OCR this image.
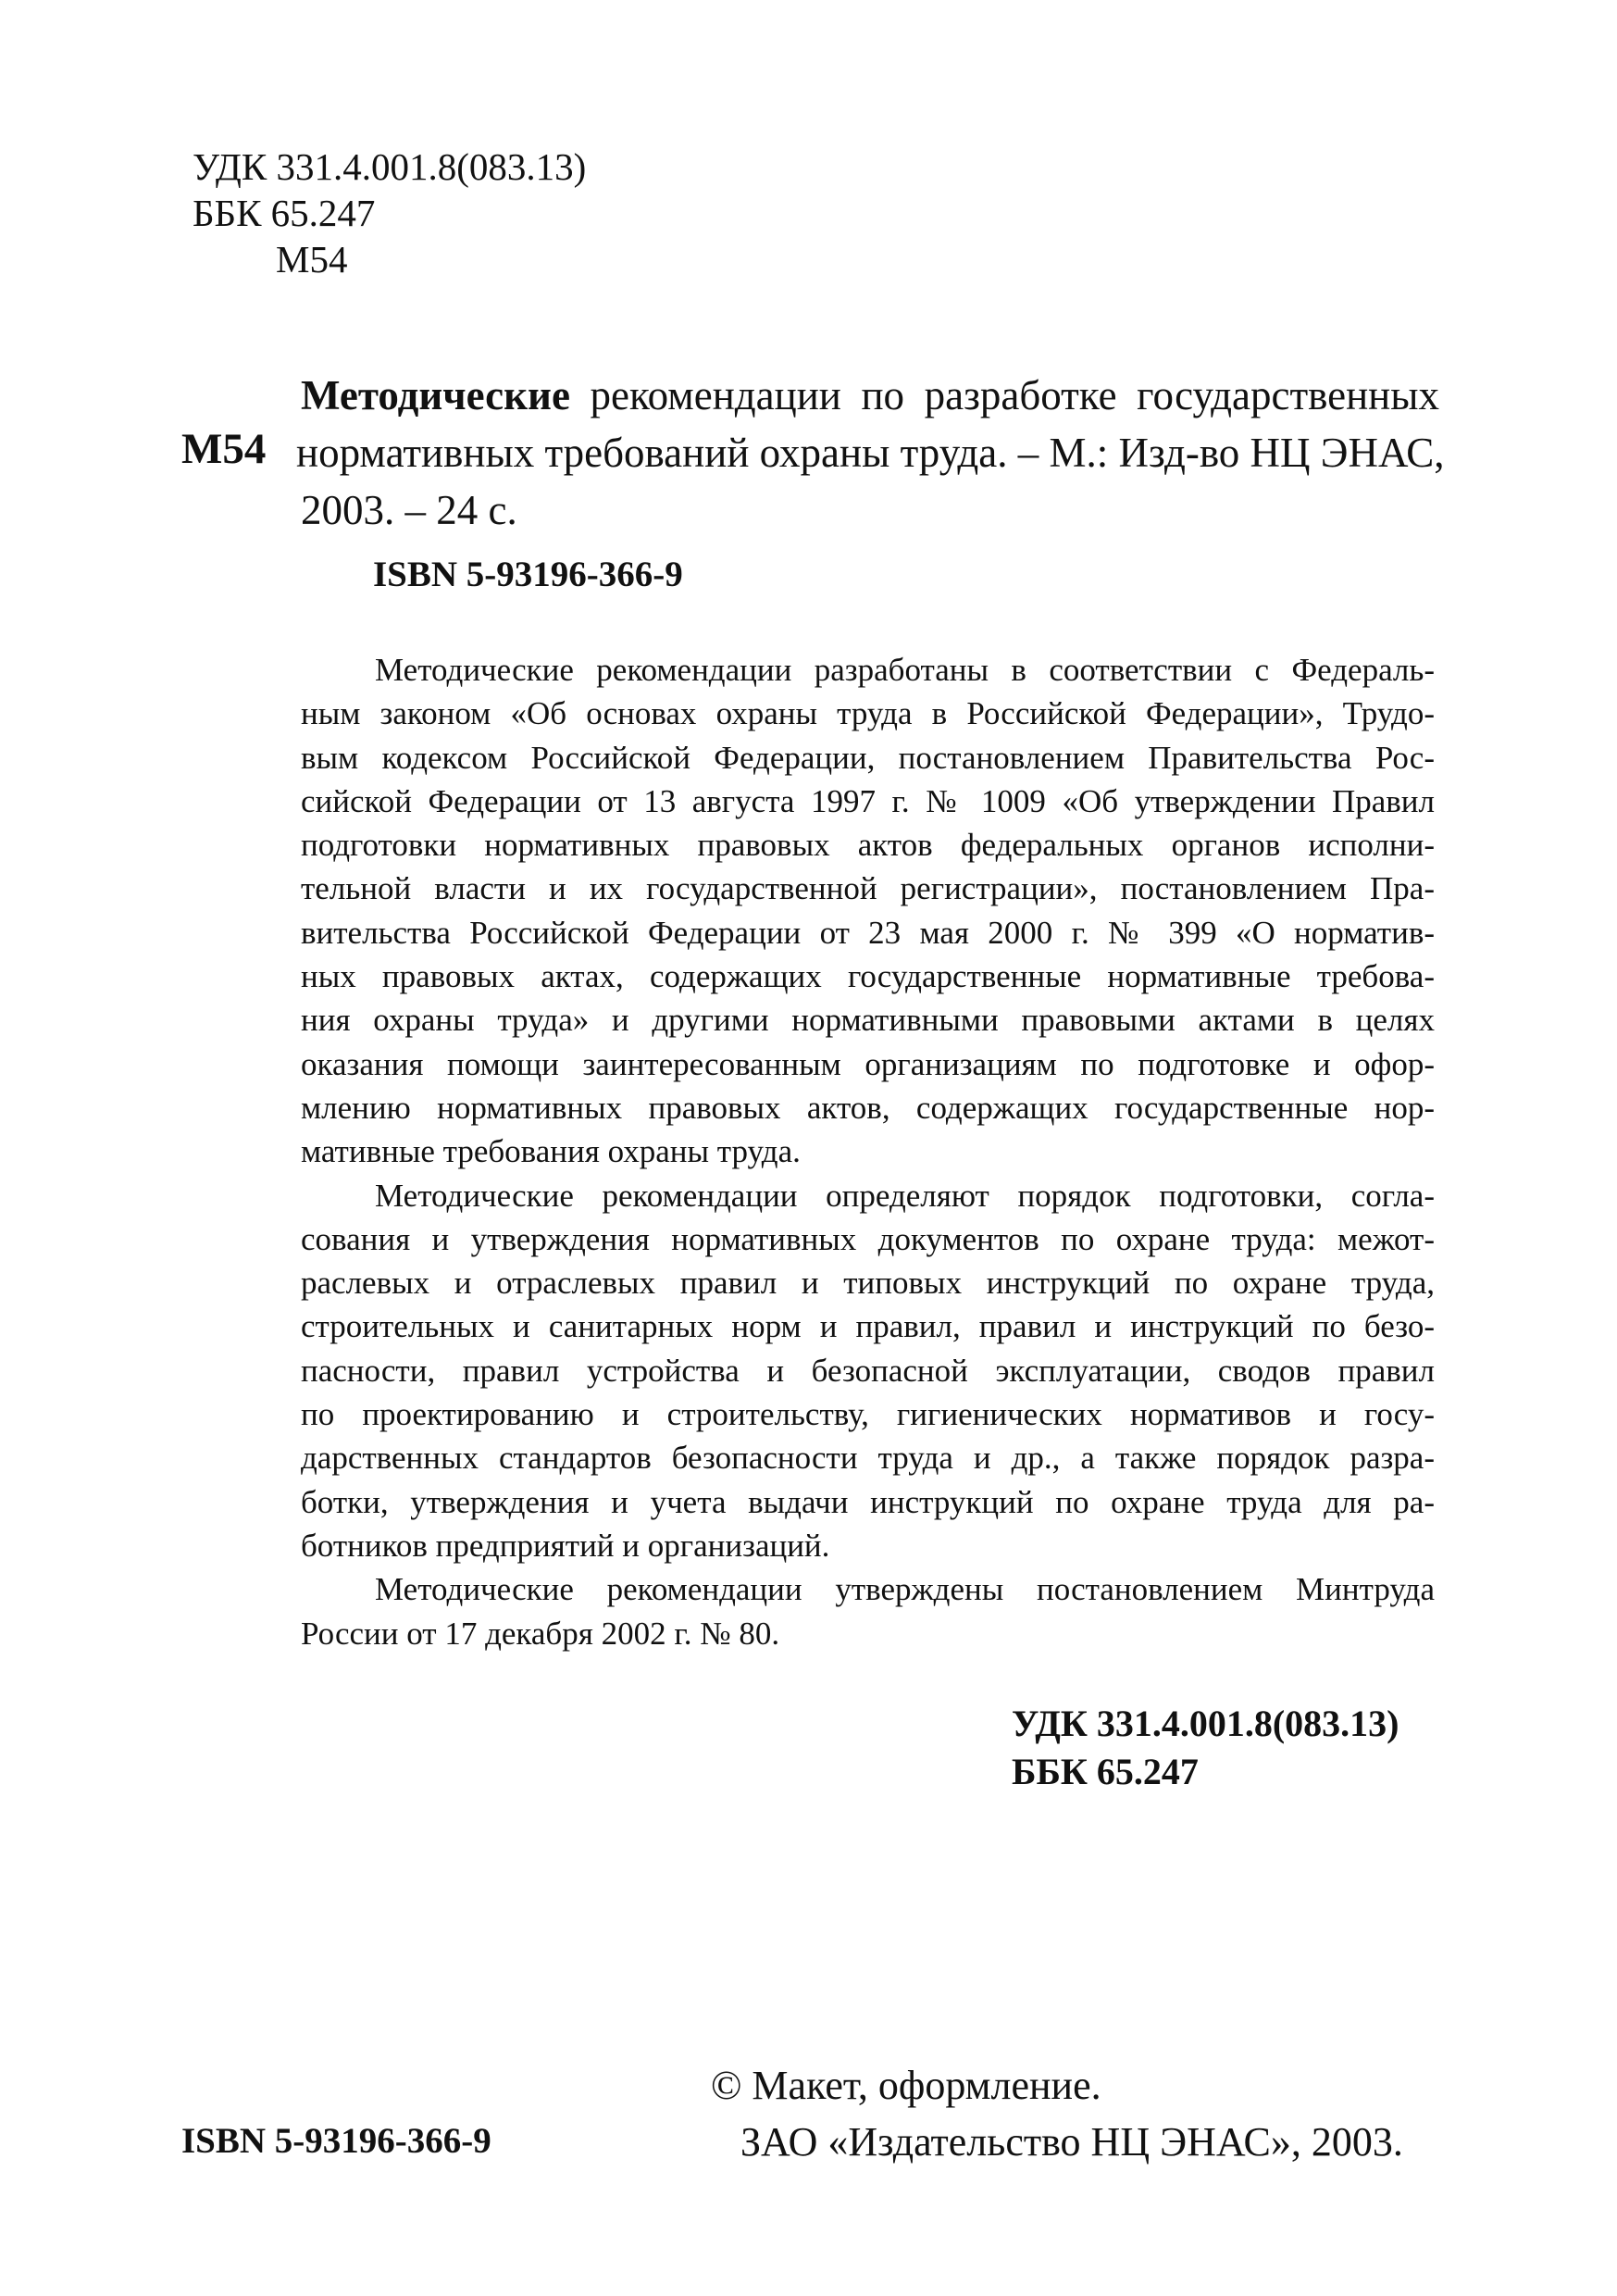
УДК 331.4.001.8(083.13)
ББК 65.247
М54
М54
Методические рекомендации по разработке государственных
нормативных требований охраны труда. – М.: Изд-во НЦ ЭНАС,
2003. – 24 с.
ISBN 5-93196-366-9
Методические рекомендации разработаны в соответствии с Федераль-
ным законом «Об основах охраны труда в Российской Федерации», Трудо-
вым кодексом Российской Федерации, постановлением Правительства Рос-
сийской Федерации от 13 августа 1997 г. № 1009 «Об утверждении Правил
подготовки нормативных правовых актов федеральных органов исполни-
тельной власти и их государственной регистрации», постановлением Пра-
вительства Российской Федерации от 23 мая 2000 г. № 399 «О норматив-
ных правовых актах, содержащих государственные нормативные требова-
ния охраны труда» и другими нормативными правовыми актами в целях
оказания помощи заинтересованным организациям по подготовке и офор-
млению нормативных правовых актов, содержащих государственные нор-
мативные требования охраны труда.
Методические рекомендации определяют порядок подготовки, согла-
сования и утверждения нормативных документов по охране труда: межот-
раслевых и отраслевых правил и типовых инструкций по охране труда,
строительных и санитарных норм и правил, правил и инструкций по безо-
пасности, правил устройства и безопасной эксплуатации, сводов правил
по проектированию и строительству, гигиенических нормативов и госу-
дарственных стандартов безопасности труда и др., а также порядок разра-
ботки, утверждения и учета выдачи инструкций по охране труда для ра-
ботников предприятий и организаций.
Методические рекомендации утверждены постановлением Минтруда
России от 17 декабря 2002 г. № 80.
УДК 331.4.001.8(083.13)
ББК 65.247
© Макет, оформление.
ЗАО «Издательство НЦ ЭНАС», 2003.
ISBN 5-93196-366-9
